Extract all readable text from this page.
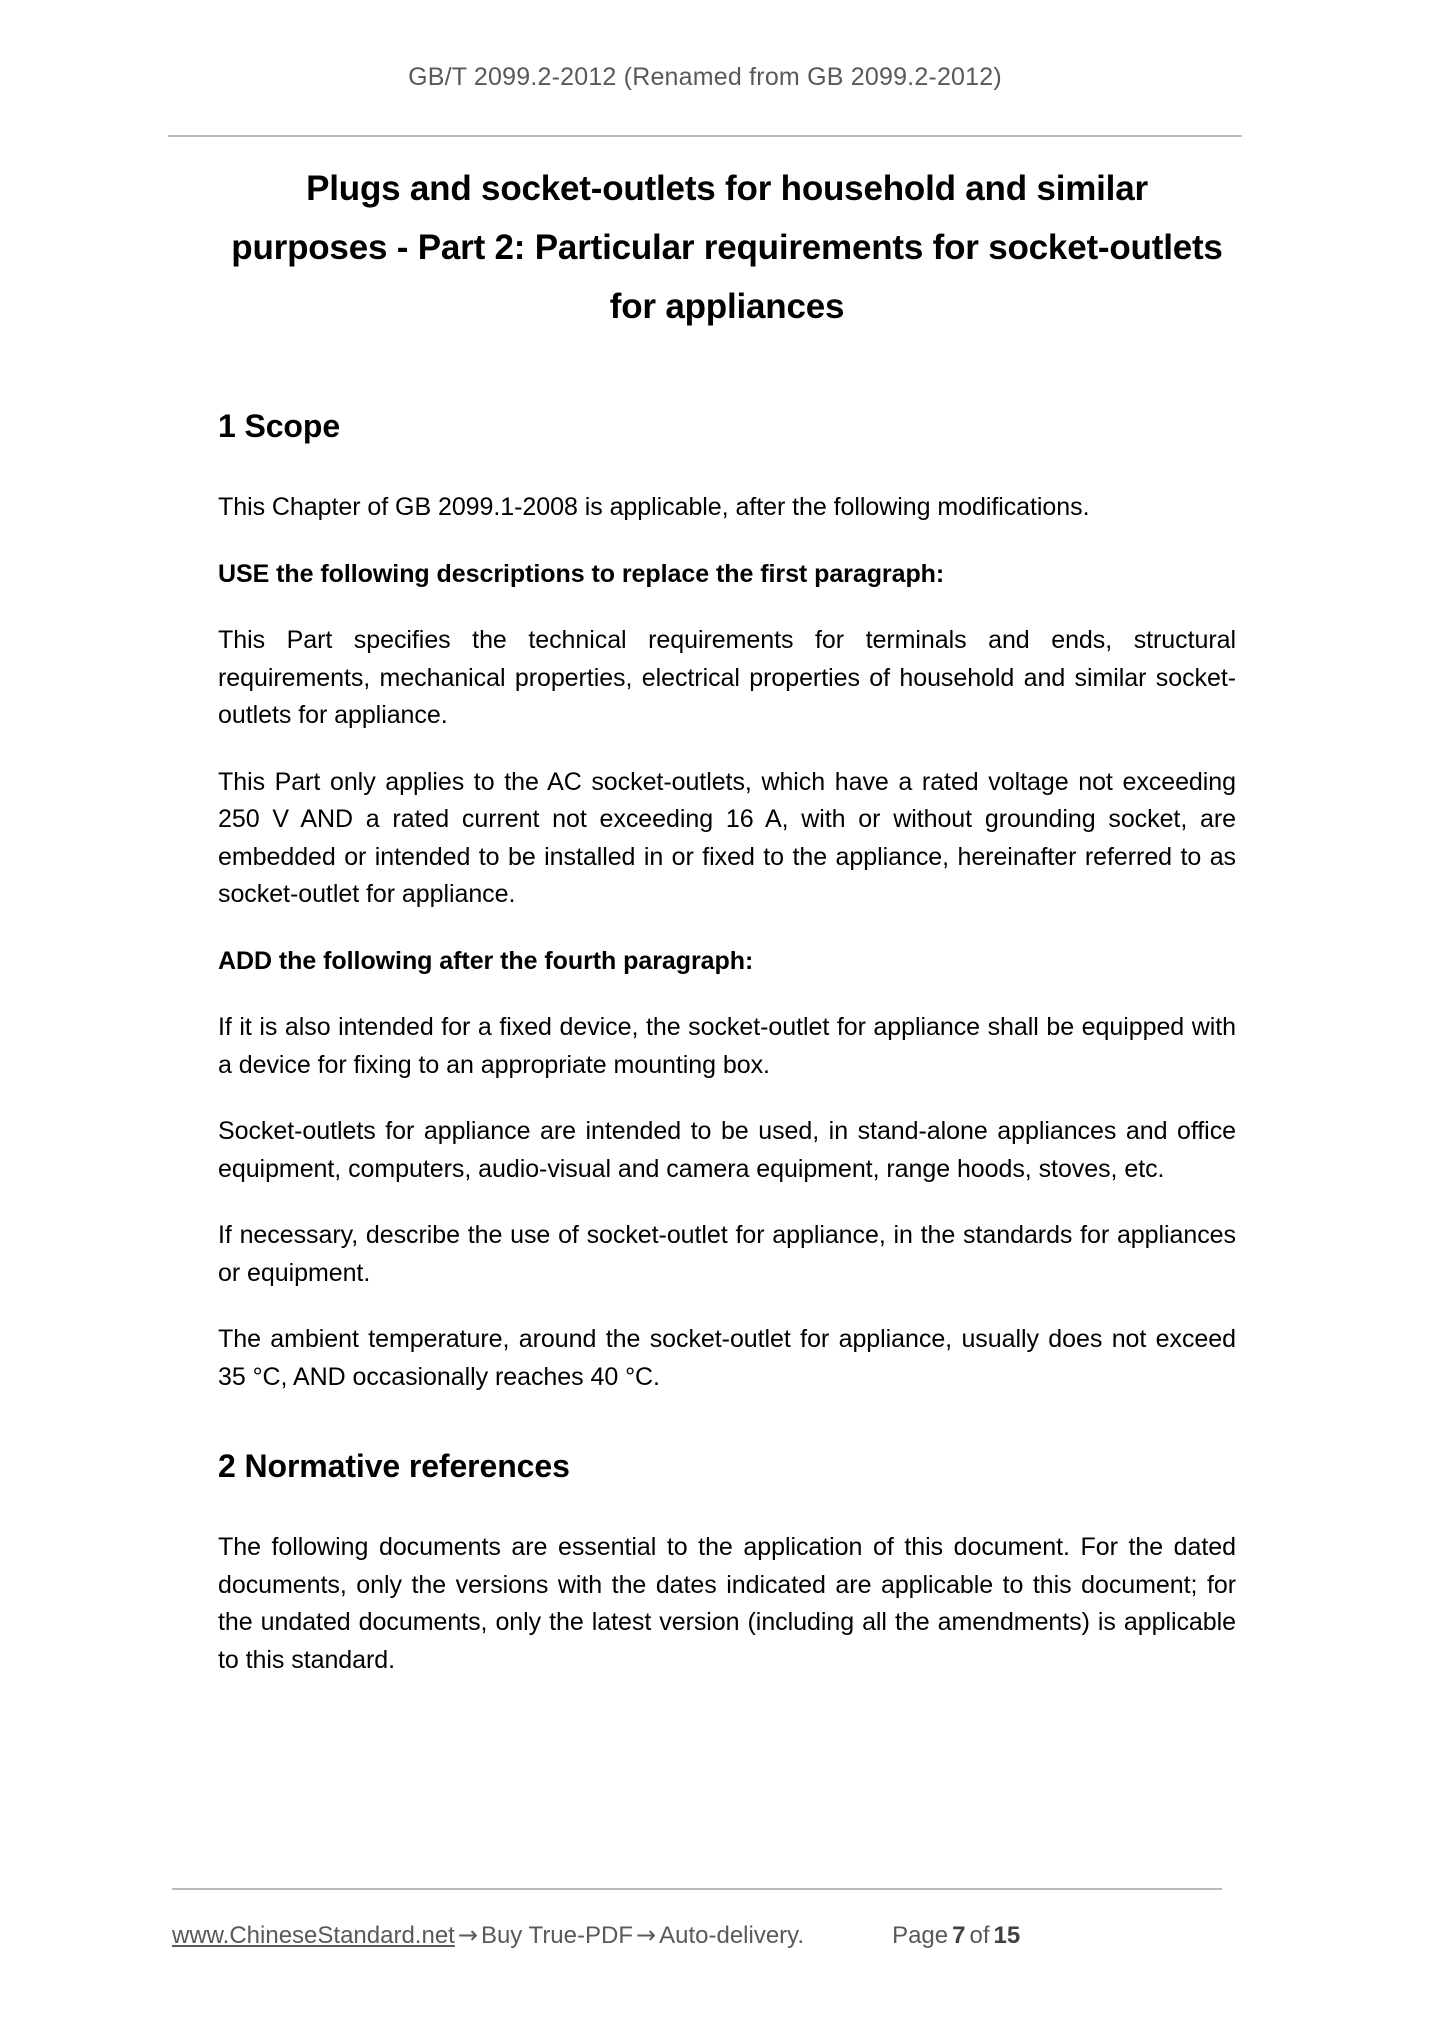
GB/T 2099.2-2012 (Renamed from GB 2099.2-2012)
Plugs and socket-outlets for household and similar purposes - Part 2: Particular requirements for socket-outlets for appliances
1 Scope

This Chapter of GB 2099.1-2008 is applicable, after the following modifications.

USE the following descriptions to replace the first paragraph:

This Part specifies the technical requirements for terminals and ends, structural requirements, mechanical properties, electrical properties of household and similar socket-outlets for appliance.

This Part only applies to the AC socket-outlets, which have a rated voltage not exceeding 250 V AND a rated current not exceeding 16 A, with or without grounding socket, are embedded or intended to be installed in or fixed to the appliance, hereinafter referred to as socket-outlet for appliance.

ADD the following after the fourth paragraph:

If it is also intended for a fixed device, the socket-outlet for appliance shall be equipped with a device for fixing to an appropriate mounting box.

Socket-outlets for appliance are intended to be used, in stand-alone appliances and office equipment, computers, audio-visual and camera equipment, range hoods, stoves, etc.

If necessary, describe the use of socket-outlet for appliance, in the standards for appliances or equipment.

The ambient temperature, around the socket-outlet for appliance, usually does not exceed 35 °C, AND occasionally reaches 40 °C.

2 Normative references

The following documents are essential to the application of this document. For the dated documents, only the versions with the dates indicated are applicable to this document; for the undated documents, only the latest version (including all the amendments) is applicable to this standard.

www.ChineseStandard.net → Buy True-PDF → Auto-delivery.	Page 7 of 15
